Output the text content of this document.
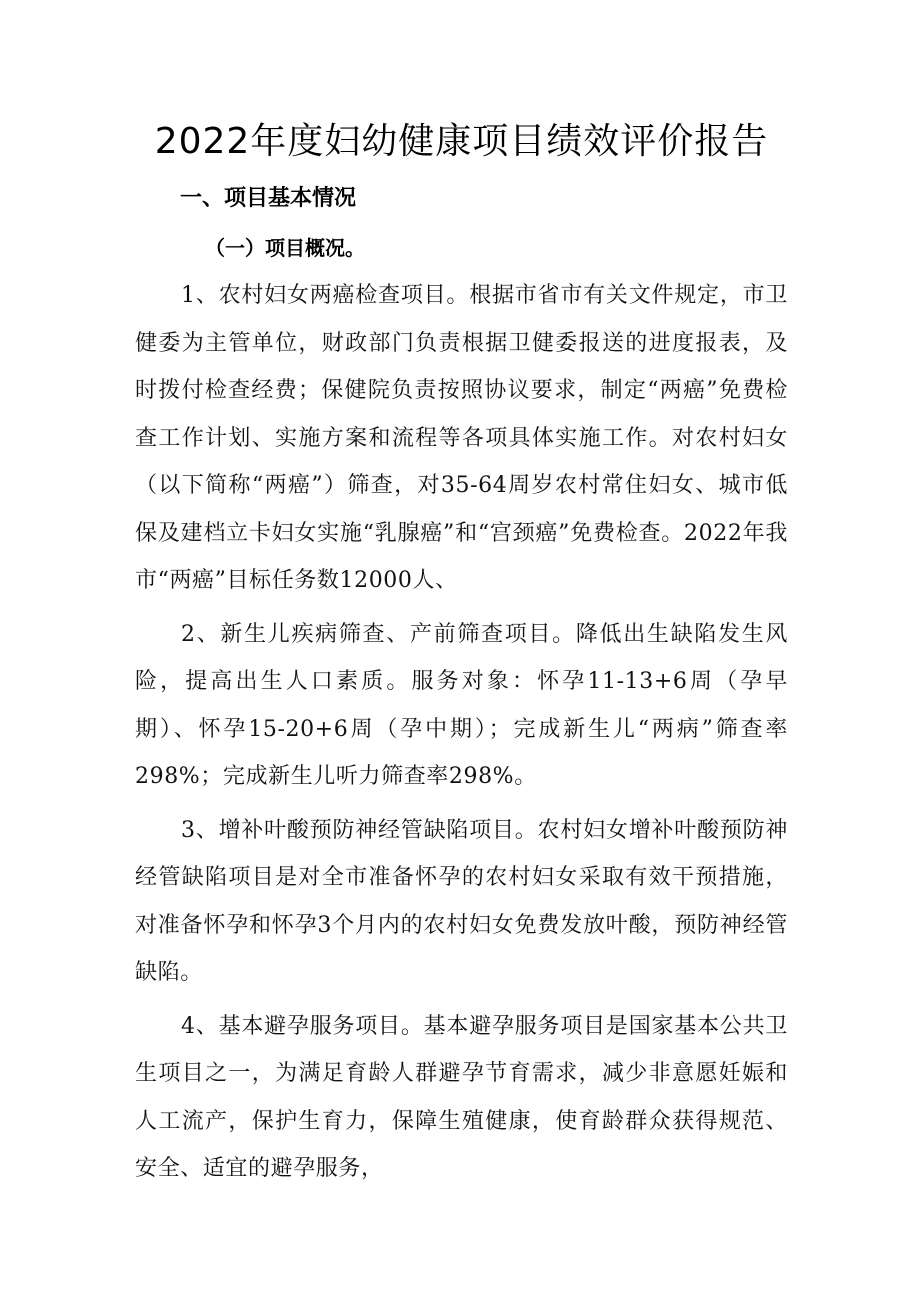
2022年度妇幼健康项目绩效评价报告
一、项目基本情况
（一）项目概况。

1、农村妇女两癌检查项目。根据市省市有关文件规定，市卫健委为主管单位，财政部门负责根据卫健委报送的进度报表，及时拨付检查经费；保健院负责按照协议要求，制定“两癌”免费检查工作计划、实施方案和流程等各项具体实施工作。对农村妇女（以下简称“两癌”）筛查，对35-64周岁农村常住妇女、城市低保及建档立卡妇女实施“乳腺癌”和“宫颈癌”免费检查。2022年我市“两癌”目标任务数12000人、

2、新生儿疾病筛查、产前筛查项目。降低出生缺陷发生风险，提高出生人口素质。服务对象：怀孕11-13+6周（孕早期）、怀孕15-20+6周（孕中期）；完成新生儿“两病”筛查率298%；完成新生儿听力筛查率298%。

3、增补叶酸预防神经管缺陷项目。农村妇女增补叶酸预防神经管缺陷项目是对全市准备怀孕的农村妇女采取有效干预措施，对准备怀孕和怀孕3个月内的农村妇女免费发放叶酸，预防神经管缺陷。

4、基本避孕服务项目。基本避孕服务项目是国家基本公共卫生项目之一，为满足育龄人群避孕节育需求，减少非意愿妊娠和人工流产，保护生育力，保障生殖健康，使育龄群众获得规范、安全、适宜的避孕服务，
